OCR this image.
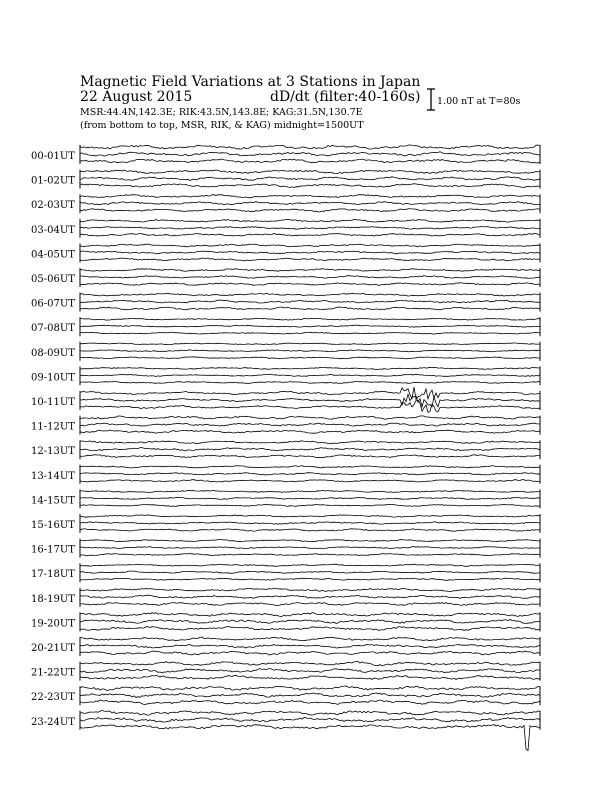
Magnetic Field Variations at 3 Stations in Japan
22 August 2015	dD/dt (filter:40-160s)
MSR:44.4N,142.3E; RIK:43.5N,143.8E; KAG:31.5N,130.7E
(from bottom to top, MSR, RIK, & KAG) midnight=1500UT
1.00 nT at T=80s
00-01UT
01-02UT
02-03UT
03-04UT
04-05UT
05-06UT
06-07UT
07-08UT
08-09UT
09-10UT
10-11UT
11-12UT
12-13UT
13-14UT
14-15UT
15-16UT
16-17UT
17-18UT
18-19UT
19-20UT
20-21UT
21-22UT
22-23UT
23-24UT
